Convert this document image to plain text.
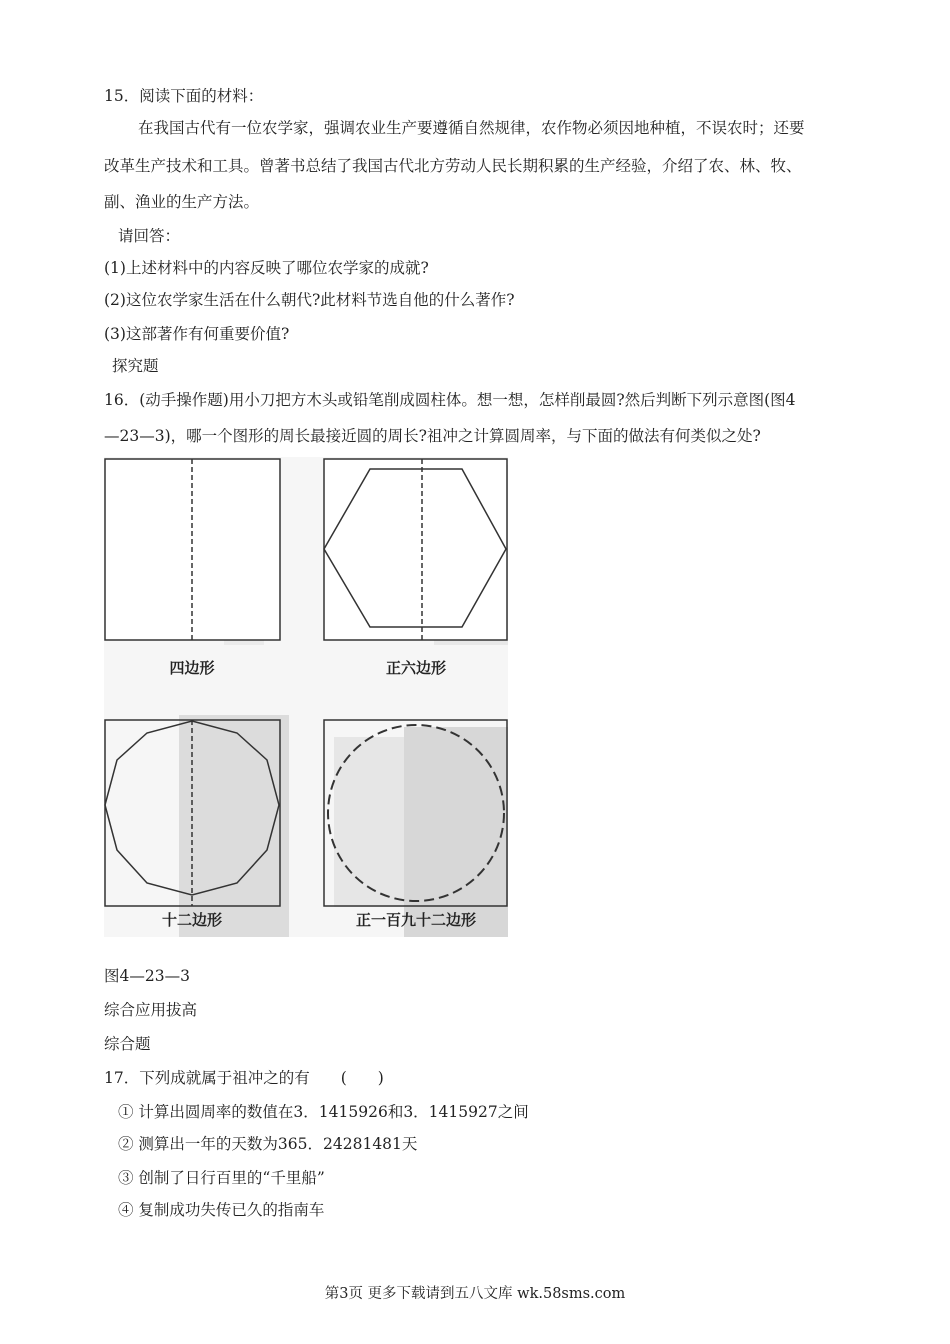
15．阅读下面的材料：
在我国古代有一位农学家，强调农业生产要遵循自然规律，农作物必须因地种植，不误农时；还要
改革生产技术和工具。曾著书总结了我国古代北方劳动人民长期积累的生产经验，介绍了农、林、牧、
副、渔业的生产方法。
请回答：
(1)上述材料中的内容反映了哪位农学家的成就?
(2)这位农学家生活在什么朝代?此材料节选自他的什么著作?
(3)这部著作有何重要价值?
探究题
16．(动手操作题)用小刀把方木头或铅笔削成圆柱体。想一想，怎样削最圆?然后判断下列示意图(图4
—23—3)，哪一个图形的周长最接近圆的周长?祖冲之计算圆周率，与下面的做法有何类似之处?
四边形	正六边形
十二边形	正一百九十二边形
图4—23—3
综合应用拔高
综合题
17．下列成就属于祖冲之的有　　(　　)
① 计算出圆周率的数值在3．1415926和3．1415927之间
② 测算出一年的天数为365．24281481天
③ 创制了日行百里的“千里船”
④ 复制成功失传已久的指南车
第3页 更多下载请到五八文库 wk.58sms.com
